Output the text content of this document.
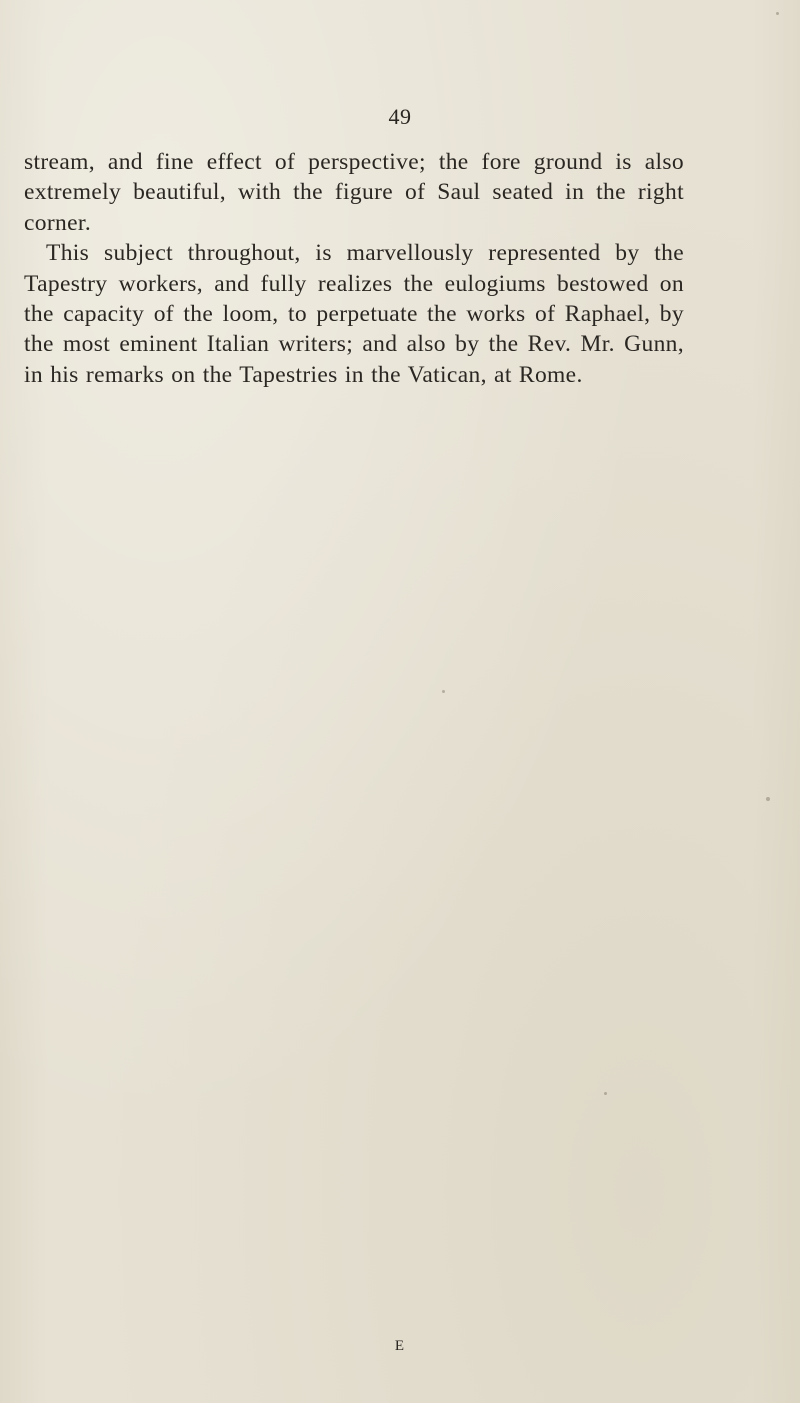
49

stream, and fine effect of perspective; the fore ground is also extremely beautiful, with the figure of Saul seated in the right corner.

This subject throughout, is marvellously represented by the Tapestry workers, and fully realizes the eulogiums bestowed on the capacity of the loom, to perpetuate the works of Raphael, by the most eminent Italian writers; and also by the Rev. Mr. Gunn, in his remarks on the Tapestries in the Vatican, at Rome.

E
